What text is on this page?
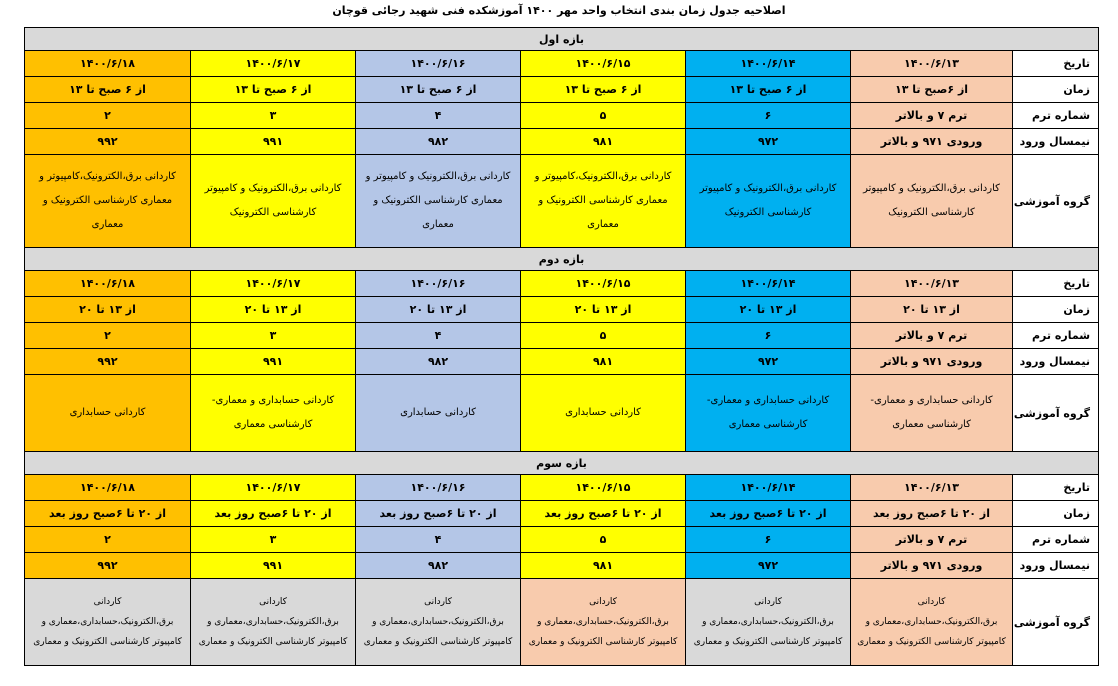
اصلاحیه جدول زمان بندی انتخاب واحد مهر ۱۴۰۰ آموزشکده فنی شهید رجائی قوچان
بازه اول						
تاریخ	۱۴۰۰/۶/۱۳	۱۴۰۰/۶/۱۴	۱۴۰۰/۶/۱۵	۱۴۰۰/۶/۱۶	۱۴۰۰/۶/۱۷	۱۴۰۰/۶/۱۸
زمان	از ۶صبح تا ۱۳	از ۶ صبح تا ۱۳	از ۶ صبح تا ۱۳	از ۶ صبح تا ۱۳	از ۶ صبح تا ۱۳	از ۶ صبح تا ۱۳
شماره ترم	ترم ۷ و بالاتر	۶	۵	۴	۳	۲
نیمسال ورود	ورودی ۹۷۱ و بالاتر	۹۷۲	۹۸۱	۹۸۲	۹۹۱	۹۹۲
گروه آموزشی	کاردانی برق،الکترونیک و کامپیوتر کارشناسی الکترونیک	کاردانی برق،الکترونیک و کامپیوتر کارشناسی الکترونیک	کاردانی برق،الکترونیک،کامپیوتر و معماری کارشناسی الکترونیک و معماری	کاردانی برق،الکترونیک و کامپیوتر و معماری کارشناسی الکترونیک و معماری	کاردانی برق،الکترونیک و کامپیوتر کارشناسی الکترونیک	کاردانی برق،الکترونیک،کامپیوتر و معماری کارشناسی الکترونیک و معماری
بازه دوم						
تاریخ	۱۴۰۰/۶/۱۳	۱۴۰۰/۶/۱۴	۱۴۰۰/۶/۱۵	۱۴۰۰/۶/۱۶	۱۴۰۰/۶/۱۷	۱۴۰۰/۶/۱۸
زمان	از ۱۳ تا ۲۰	از ۱۳ تا ۲۰	از ۱۳ تا ۲۰	از ۱۳ تا ۲۰	از ۱۳ تا ۲۰	از ۱۳ تا ۲۰
شماره ترم	ترم ۷ و بالاتر	۶	۵	۴	۳	۲
نیمسال ورود	ورودی ۹۷۱ و بالاتر	۹۷۲	۹۸۱	۹۸۲	۹۹۱	۹۹۲
گروه آموزشی	کاردانی حسابداری و معماری- کارشناسی معماری	کاردانی حسابداری و معماری- کارشناسی معماری	کاردانی حسابداری	کاردانی حسابداری	کاردانی حسابداری و معماری- کارشناسی معماری	کاردانی حسابداری
بازه سوم						
تاریخ	۱۴۰۰/۶/۱۳	۱۴۰۰/۶/۱۴	۱۴۰۰/۶/۱۵	۱۴۰۰/۶/۱۶	۱۴۰۰/۶/۱۷	۱۴۰۰/۶/۱۸
زمان	از ۲۰ تا ۶صبح روز بعد	از ۲۰ تا ۶صبح روز بعد	از ۲۰ تا ۶صبح روز بعد	از ۲۰ تا ۶صبح روز بعد	از ۲۰ تا ۶صبح روز بعد	از ۲۰ تا ۶صبح روز بعد
شماره ترم	ترم ۷ و بالاتر	۶	۵	۴	۳	۲
نیمسال ورود	ورودی ۹۷۱ و بالاتر	۹۷۲	۹۸۱	۹۸۲	۹۹۱	۹۹۲
گروه آموزشی	کاردانی برق،الکترونیک،حسابداری،معماری و کامپیوتر کارشناسی الکترونیک و معماری	کاردانی برق،الکترونیک،حسابداری،معماری و کامپیوتر کارشناسی الکترونیک و معماری	کاردانی برق،الکترونیک،حسابداری،معماری و کامپیوتر کارشناسی الکترونیک و معماری	کاردانی برق،الکترونیک،حسابداری،معماری و کامپیوتر کارشناسی الکترونیک و معماری	کاردانی برق،الکترونیک،حسابداری،معماری و کامپیوتر کارشناسی الکترونیک و معماری	کاردانی برق،الکترونیک،حسابداری،معماری و کامپیوتر کارشناسی الکترونیک و معماری
